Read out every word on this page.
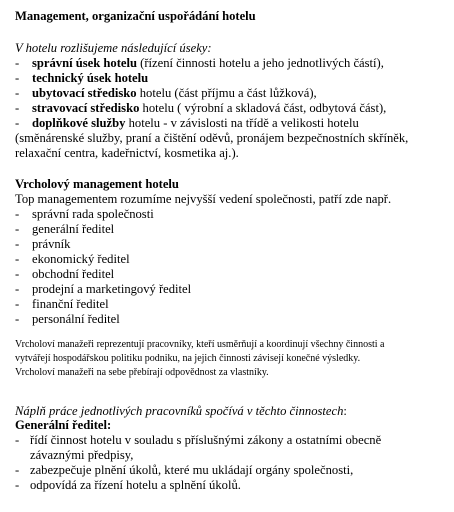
Management, organizační uspořádání hotelu
V hotelu rozlišujeme následující úseky:
- správní úsek hotelu (řízení činnosti hotelu a jeho jednotlivých částí),
- technický úsek hotelu
- ubytovací středisko hotelu (část příjmu a část lůžková),
- stravovací středisko hotelu ( výrobní a skladová část, odbytová část),
- doplňkové služby hotelu - v závislosti na třídě a velikosti hotelu
(směnárenské služby, praní a čištění oděvů, pronájem bezpečnostních skříněk,
relaxační centra, kadeřnictví, kosmetika aj.).
Vrcholový management hotelu
Top managementem rozumíme nejvyšší vedení společnosti, patří zde např.
- správní rada společnosti
- generální ředitel
- právník
- ekonomický ředitel
- obchodní ředitel
- prodejní a marketingový ředitel
- finanční ředitel
- personální ředitel
Vrcholoví manažeři reprezentují pracovníky, kteří usměrňují a koordinují všechny činnosti a
vytvářejí hospodářskou politiku podniku, na jejich činnosti závisejí konečné výsledky.
Vrcholoví manažeři na sebe přebírají odpovědnost za vlastníky.
Náplň práce jednotlivých pracovníků spočívá v těchto činnostech:
Generální ředitel:
- řídí činnost hotelu v souladu s příslušnými zákony a ostatními obecně
závaznými předpisy,
- zabezpečuje plnění úkolů, které mu ukládají orgány společnosti,
- odpovídá za řízení hotelu a splnění úkolů.
